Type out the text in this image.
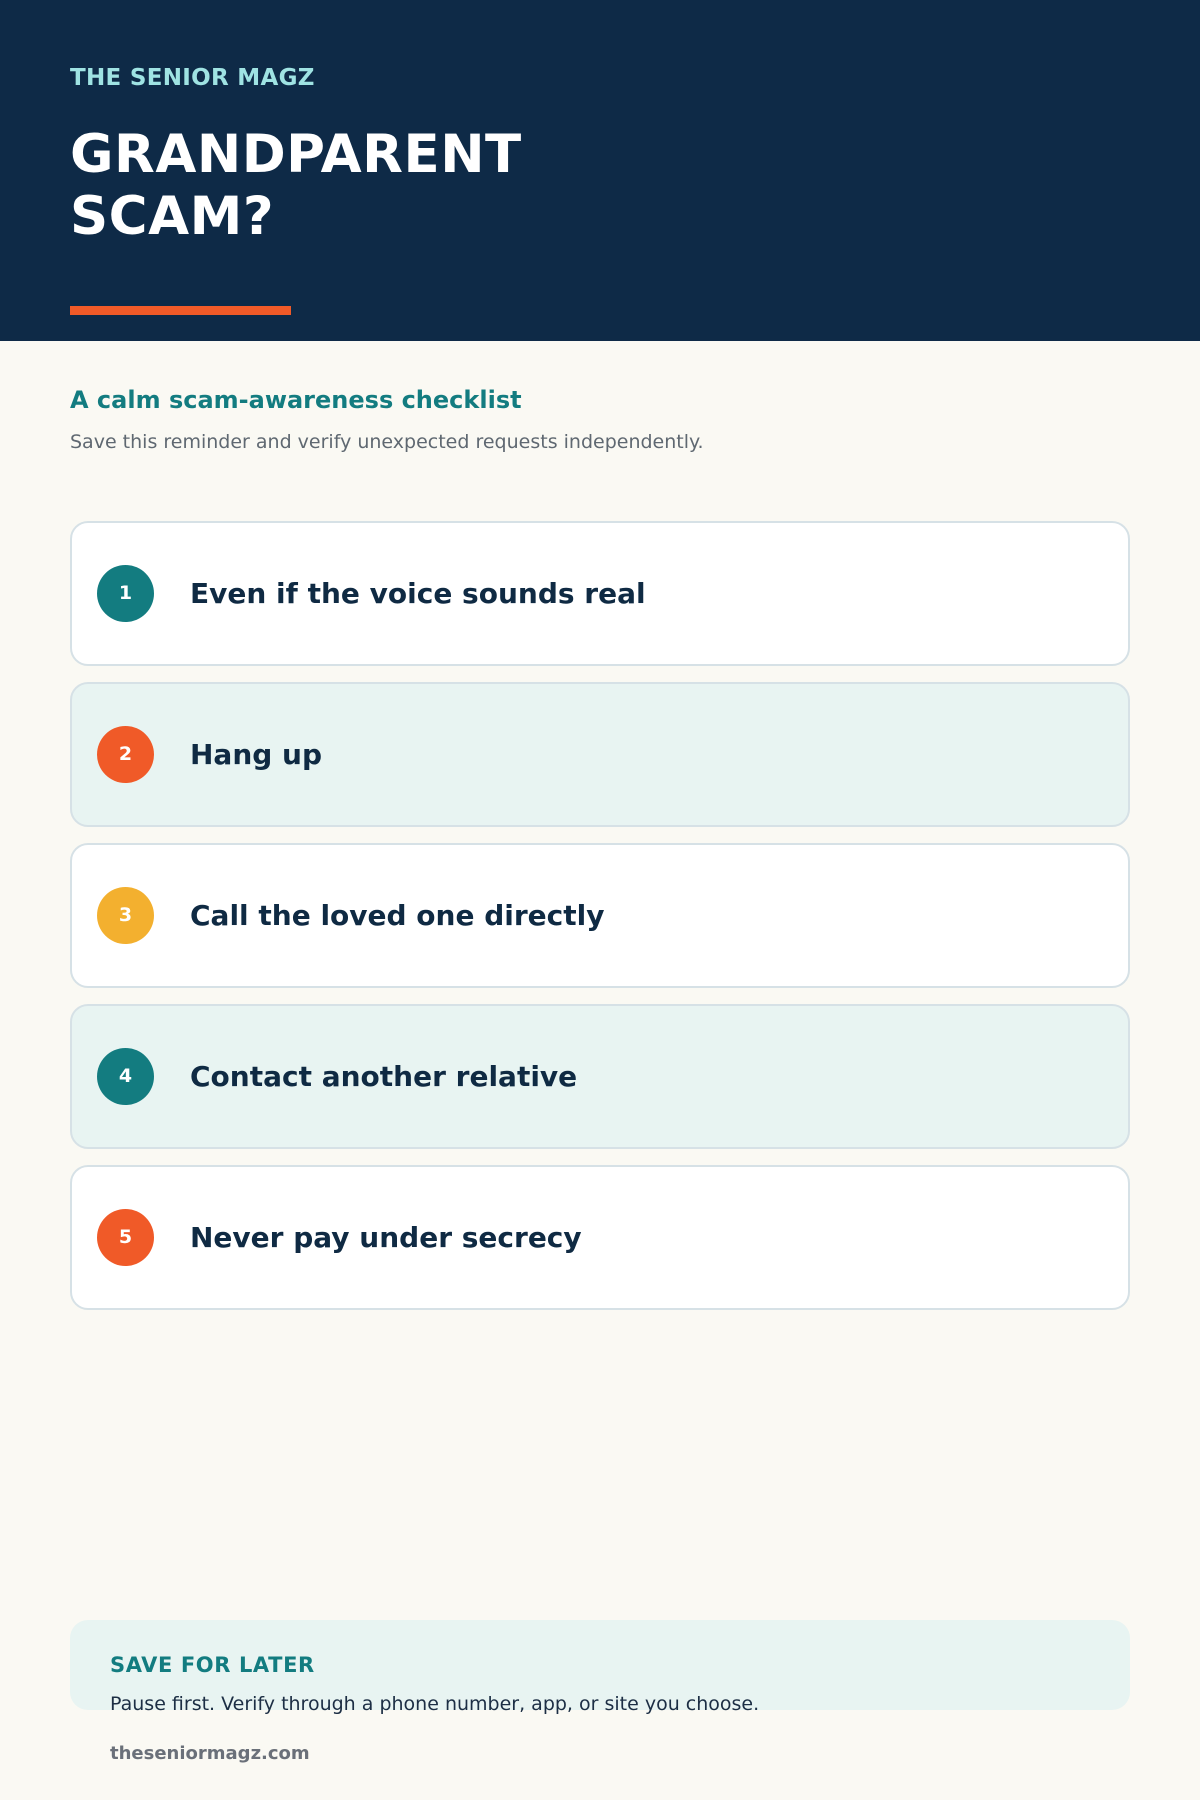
THE SENIOR MAGZ
GRANDPARENT
SCAM?
A calm scam-awareness checklist
Save this reminder and verify unexpected requests independently.
1	Even if the voice sounds real
2	Hang up
3	Call the loved one directly
4	Contact another relative
5	Never pay under secrecy
SAVE FOR LATER
Pause first. Verify through a phone number, app, or site you choose.
theseniormagz.com
